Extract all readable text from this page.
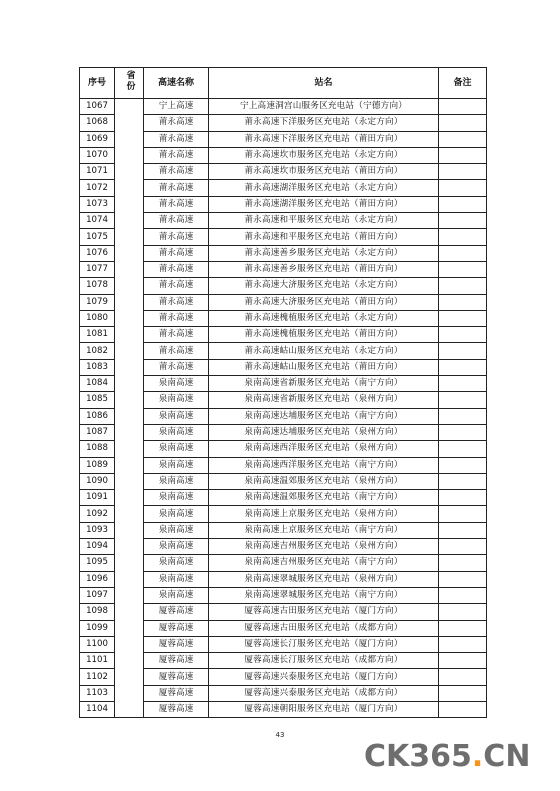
序号	省份	高速名称	站名	备注
1067		宁上高速	宁上高速洞宫山服务区充电站（宁德方向）	
1068		莆永高速	莆永高速下洋服务区充电站（永定方向）	
1069		莆永高速	莆永高速下洋服务区充电站（莆田方向）	
1070		莆永高速	莆永高速坎市服务区充电站（永定方向）	
1071		莆永高速	莆永高速坎市服务区充电站（莆田方向）	
1072		莆永高速	莆永高速湖洋服务区充电站（永定方向）	
1073		莆永高速	莆永高速湖洋服务区充电站（莆田方向）	
1074		莆永高速	莆永高速和平服务区充电站（永定方向）	
1075		莆永高速	莆永高速和平服务区充电站（莆田方向）	
1076		莆永高速	莆永高速善乡服务区充电站（永定方向）	
1077		莆永高速	莆永高速善乡服务区充电站（莆田方向）	
1078		莆永高速	莆永高速大济服务区充电站（永定方向）	
1079		莆永高速	莆永高速大济服务区充电站（莆田方向）	
1080		莆永高速	莆永高速槐植服务区充电站（永定方向）	
1081		莆永高速	莆永高速槐植服务区充电站（莆田方向）	
1082		莆永高速	莆永高速岵山服务区充电站（永定方向）	
1083		莆永高速	莆永高速岵山服务区充电站（莆田方向）	
1084		泉南高速	泉南高速省新服务区充电站（南宁方向）	
1085		泉南高速	泉南高速省新服务区充电站（泉州方向）	
1086		泉南高速	泉南高速达埔服务区充电站（南宁方向）	
1087		泉南高速	泉南高速达埔服务区充电站（泉州方向）	
1088		泉南高速	泉南高速西洋服务区充电站（泉州方向）	
1089		泉南高速	泉南高速西洋服务区充电站（南宁方向）	
1090		泉南高速	泉南高速温郊服务区充电站（泉州方向）	
1091		泉南高速	泉南高速温郊服务区充电站（南宁方向）	
1092		泉南高速	泉南高速上京服务区充电站（泉州方向）	
1093		泉南高速	泉南高速上京服务区充电站（南宁方向）	
1094		泉南高速	泉南高速吉州服务区充电站（泉州方向）	
1095		泉南高速	泉南高速吉州服务区充电站（南宁方向）	
1096		泉南高速	泉南高速翠城服务区充电站（泉州方向）	
1097		泉南高速	泉南高速翠城服务区充电站（南宁方向）	
1098		厦蓉高速	厦蓉高速古田服务区充电站（厦门方向）	
1099		厦蓉高速	厦蓉高速古田服务区充电站（成都方向）	
1100		厦蓉高速	厦蓉高速长汀服务区充电站（厦门方向）	
1101		厦蓉高速	厦蓉高速长汀服务区充电站（成都方向）	
1102		厦蓉高速	厦蓉高速兴泰服务区充电站（厦门方向）	
1103		厦蓉高速	厦蓉高速兴泰服务区充电站（成都方向）	
1104		厦蓉高速	厦蓉高速朝阳服务区充电站（厦门方向）	
43
CK365.CN
